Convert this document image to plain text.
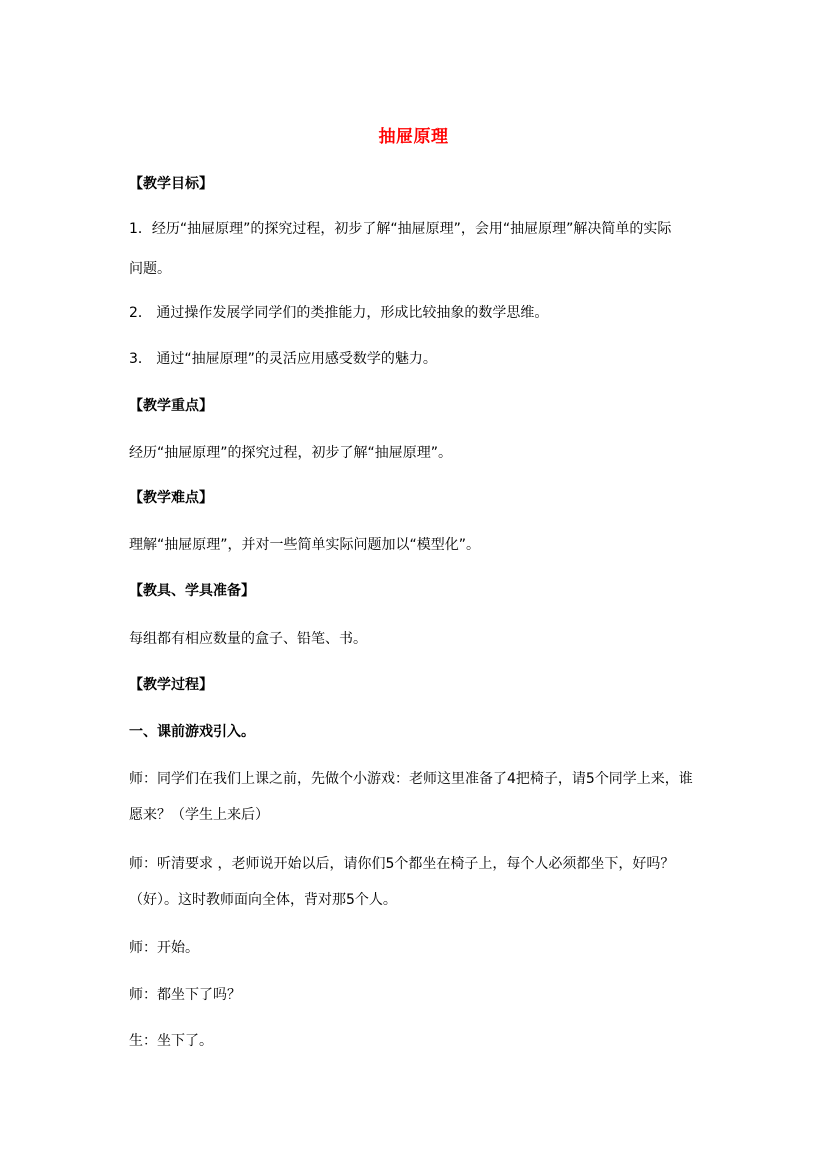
抽屉原理
【教学目标】
1．经历“抽屉原理”的探究过程，初步了解“抽屉原理”，会用“抽屉原理”解决简单的实际
问题。
2． 通过操作发展学同学们的类推能力，形成比较抽象的数学思维。
3． 通过“抽屉原理”的灵活应用感受数学的魅力。
【教学重点】
经历“抽屉原理”的探究过程，初步了解“抽屉原理”。
【教学难点】
理解“抽屉原理”，并对一些简单实际问题加以“模型化”。
【教具、学具准备】
每组都有相应数量的盒子、铅笔、书。
【教学过程】
一、课前游戏引入。
师：同学们在我们上课之前，先做个小游戏：老师这里准备了4把椅子，请5个同学上来，谁
愿来？（学生上来后）
师：听清要求 ，老师说开始以后，请你们5个都坐在椅子上，每个人必须都坐下，好吗？
（好）。这时教师面向全体，背对那5个人。
师：开始。
师：都坐下了吗？
生：坐下了。
